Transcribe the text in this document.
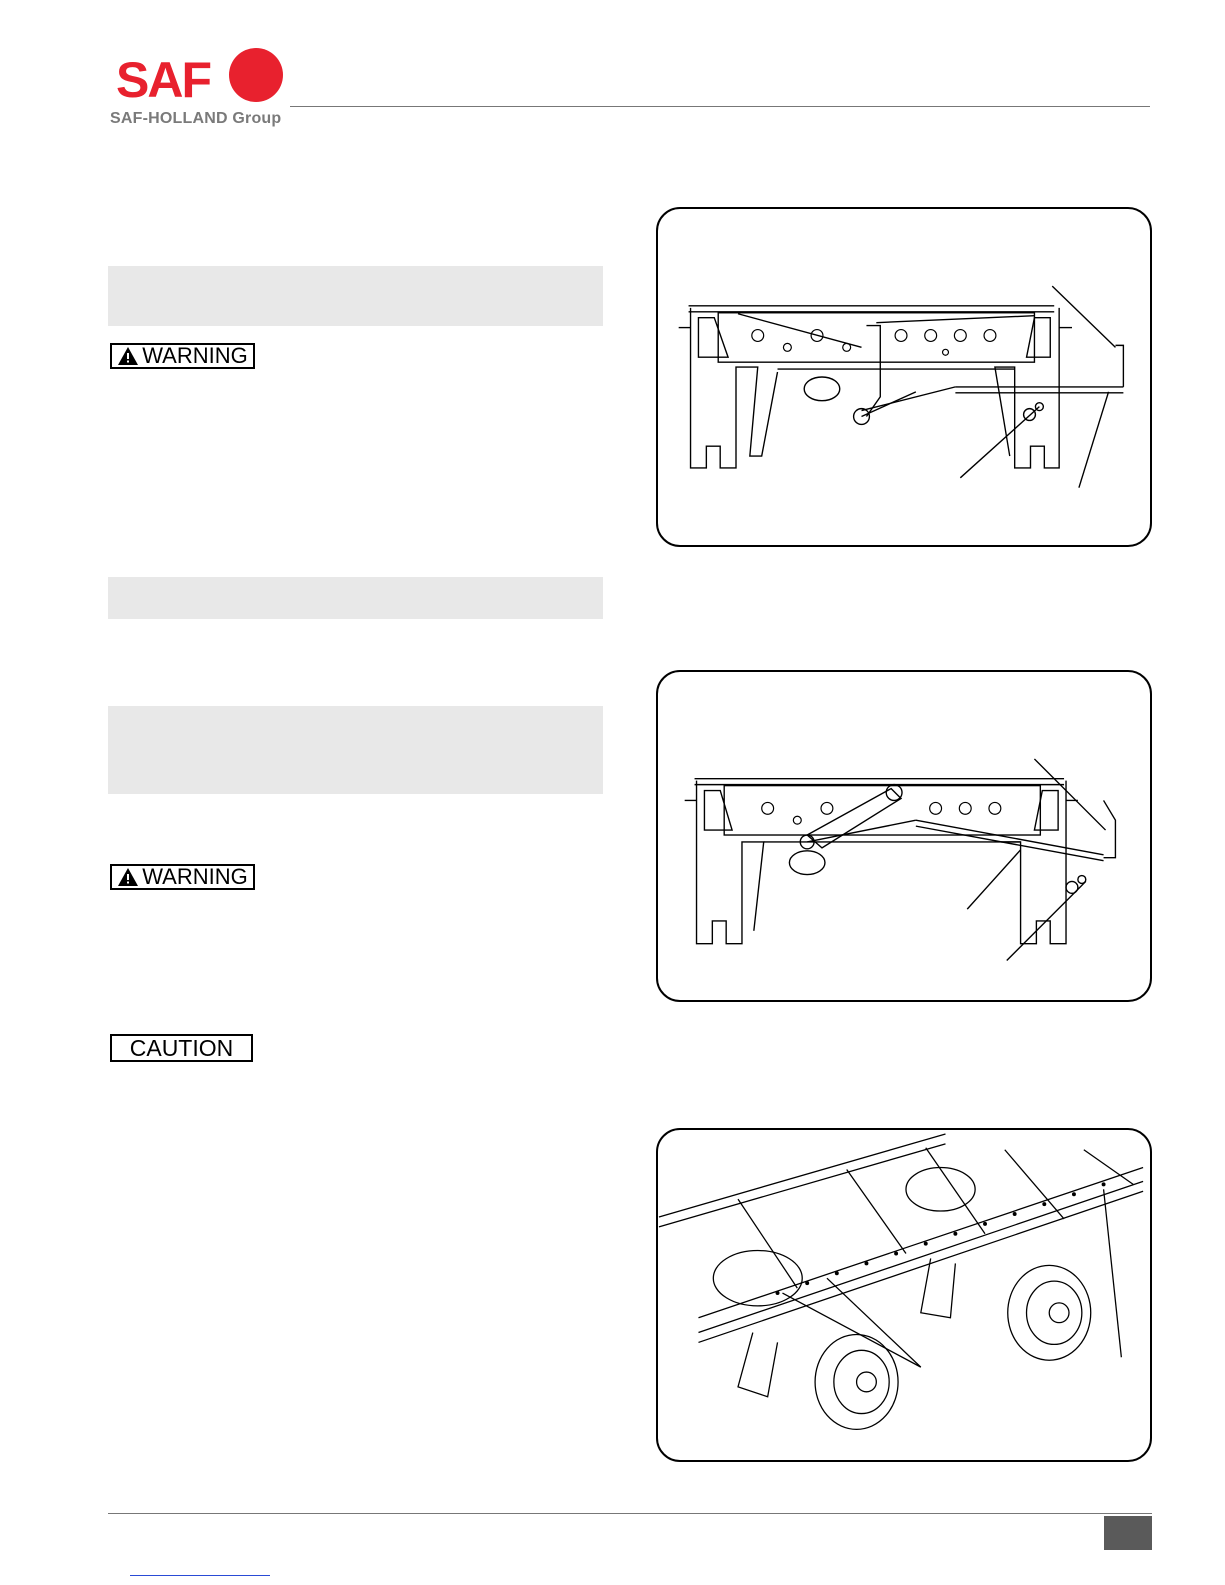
SAF
SAF-HOLLAND Group
WARNING
WARNING
CAUTION
